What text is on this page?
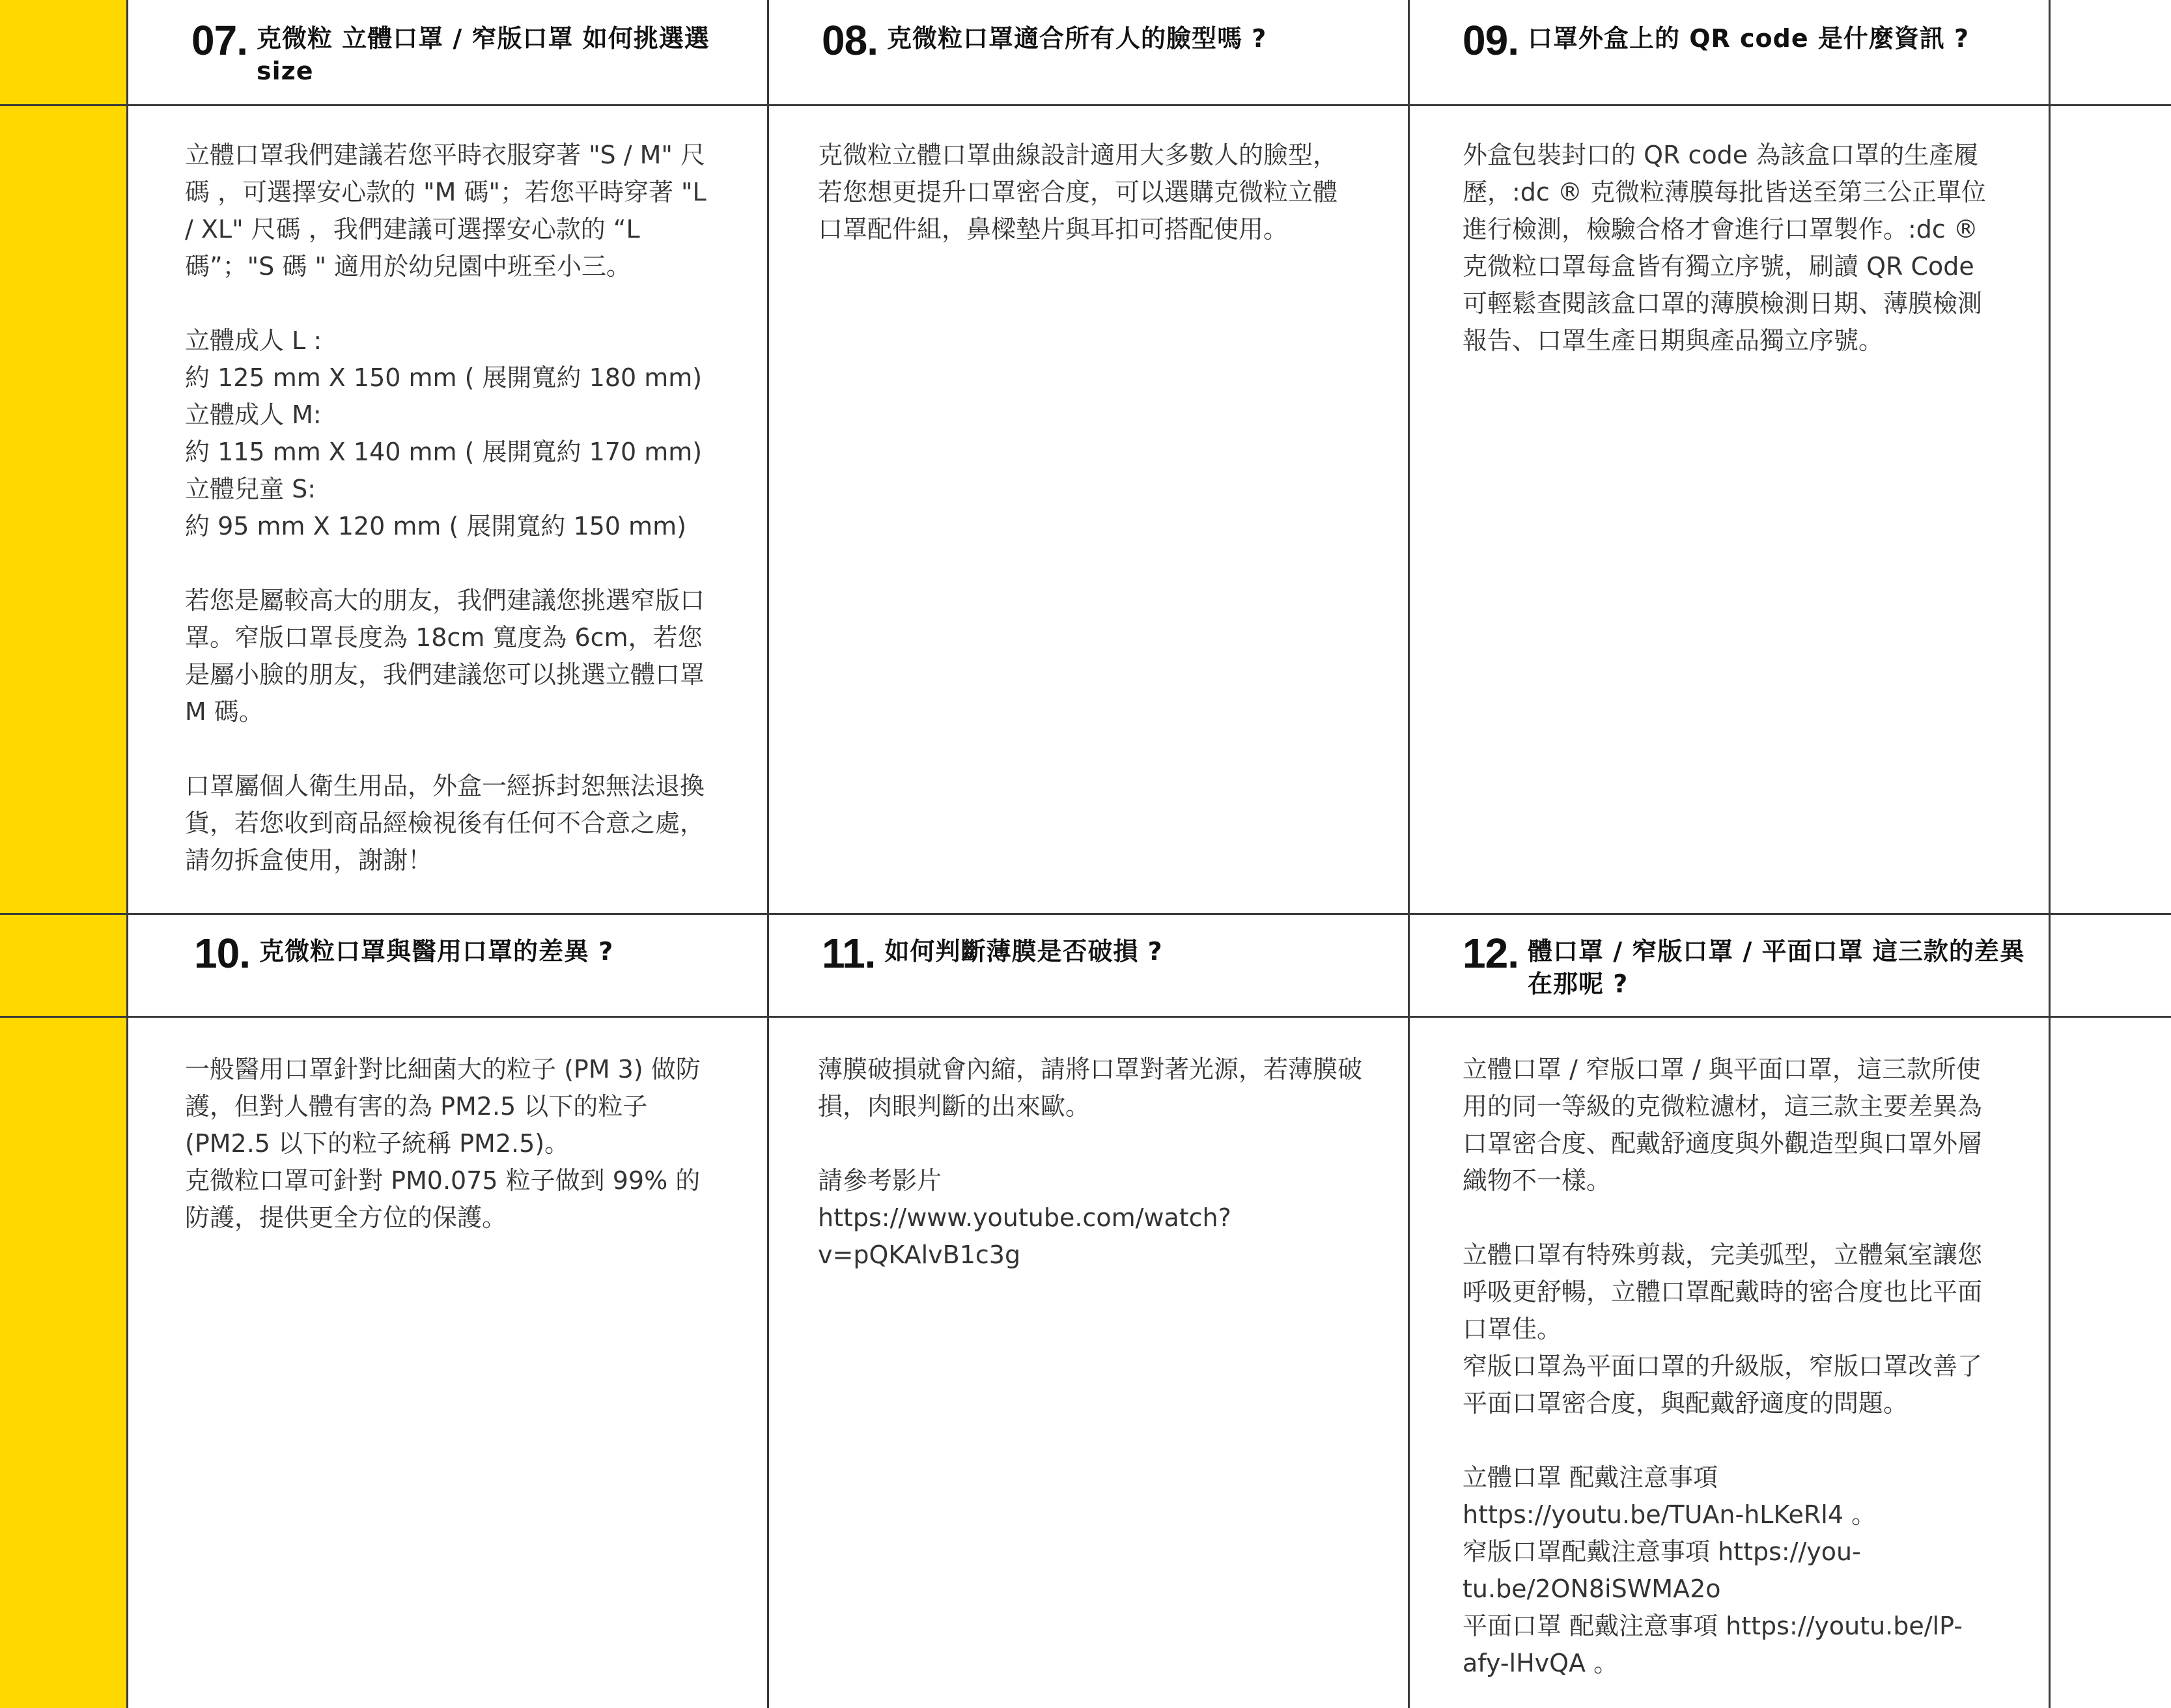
07. 克微粒 立體口罩 / 窄版口罩 如何挑選選 size

立體口罩我們建議若您平時衣服穿著 "S / M" 尺碼 ，可選擇安心款的 "M 碼"；若您平時穿著 "L / XL" 尺碼 ，我們建議可選擇安心款的 “L 碼”；"S 碼 " 適用於幼兒園中班至小三。

立體成人 L :
約 125 mm X 150 mm ( 展開寬約 180 mm)
立體成人 M:
約 115 mm X 140 mm ( 展開寬約 170 mm)
立體兒童 S:
約 95 mm X 120 mm ( 展開寬約 150 mm)

若您是屬較高大的朋友，我們建議您挑選窄版口罩。窄版口罩長度為 18cm 寬度為 6cm，若您是屬小臉的朋友，我們建議您可以挑選立體口罩 M 碼。

口罩屬個人衛生用品，外盒一經拆封恕無法退換貨，若您收到商品經檢視後有任何不合意之處，請勿拆盒使用，謝謝！

08. 克微粒口罩適合所有人的臉型嗎 ?

克微粒立體口罩曲線設計適用大多數人的臉型，若您想更提升口罩密合度，可以選購克微粒立體口罩配件組，鼻樑墊片與耳扣可搭配使用。

09. 口罩外盒上的 QR code 是什麼資訊 ?

外盒包裝封口的 QR code 為該盒口罩的生產履歷，:dc ® 克微粒薄膜每批皆送至第三公正單位進行檢測，檢驗合格才會進行口罩製作。:dc ® 克微粒口罩每盒皆有獨立序號，刷讀 QR Code 可輕鬆查閱該盒口罩的薄膜檢測日期、薄膜檢測報告、口罩生產日期與產品獨立序號。

10. 克微粒口罩與醫用口罩的差異 ?

一般醫用口罩針對比細菌大的粒子 (PM 3) 做防護，但對人體有害的為 PM2.5 以下的粒子 (PM2.5 以下的粒子統稱 PM2.5)。
克微粒口罩可針對 PM0.075 粒子做到 99% 的防護，提供更全方位的保護。

11. 如何判斷薄膜是否破損 ?

薄膜破損就會內縮，請將口罩對著光源，若薄膜破損，肉眼判斷的出來歐。

請參考影片
https://www.youtube.com/watch?v=pQKAlvB1c3g

12. 體口罩 / 窄版口罩 / 平面口罩 這三款的差異在那呢 ?

立體口罩 / 窄版口罩 / 與平面口罩，這三款所使用的同一等級的克微粒濾材，這三款主要差異為口罩密合度、配戴舒適度與外觀造型與口罩外層織物不一樣。

立體口罩有特殊剪裁，完美弧型，立體氣室讓您呼吸更舒暢，立體口罩配戴時的密合度也比平面口罩佳。
窄版口罩為平面口罩的升級版，窄版口罩改善了平面口罩密合度，與配戴舒適度的問題。

立體口罩 配戴注意事項 https://youtu.be/TUAn-hLKeRl4 。
窄版口罩配戴注意事項 https://you-tu.be/2ON8iSWMA2o
平面口罩 配戴注意事項 https://youtu.be/lP-afy-lHvQA 。
